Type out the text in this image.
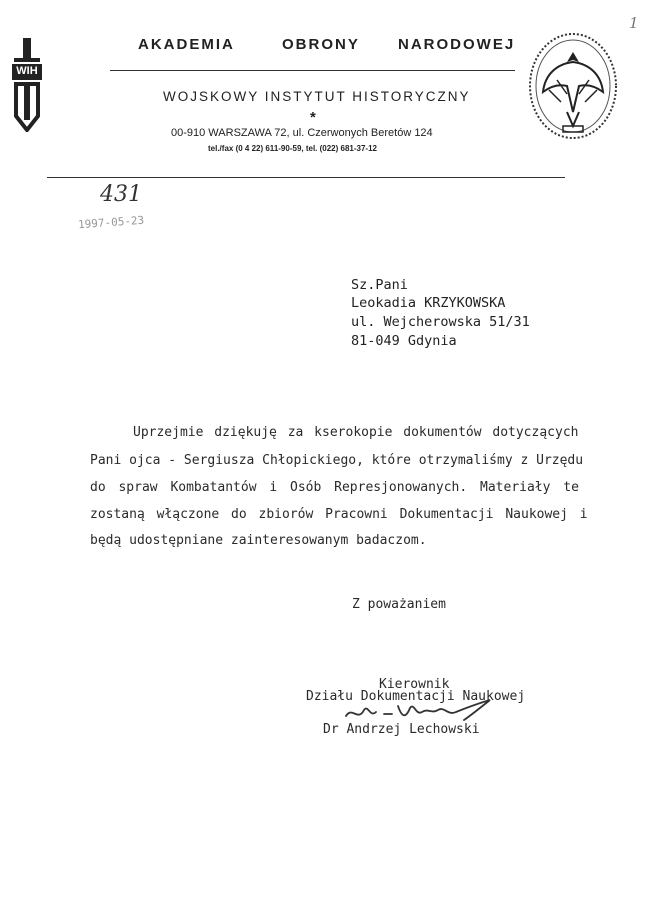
WIH
AKADEMIA	OBRONY	NARODOWEJ
WOJSKOWY INSTYTUT HISTORYCZNY
*
00-910 WARSZAWA 72, ul. Czerwonych Beretów 124
tel./fax (0 4 22) 611-90-59, tel. (022) 681-37-12
1
431
1997-05-23
Sz.Pani
Leokadia KRZYKOWSKA
ul. Wejcherowska 51/31
81-049 Gdynia
Uprzejmie dziękuję za kserokopie dokumentów dotyczących
Pani ojca - Sergiusza Chłopickiego, które otrzymaliśmy z Urzędu
do spraw Kombatantów i Osób Represjonowanych. Materiały te
zostaną włączone do zbiorów Pracowni Dokumentacji Naukowej i
będą udostępniane zainteresowanym badaczom.
Z poważaniem
Kierownik
Działu Dokumentacji Naukowej
Dr Andrzej Lechowski
